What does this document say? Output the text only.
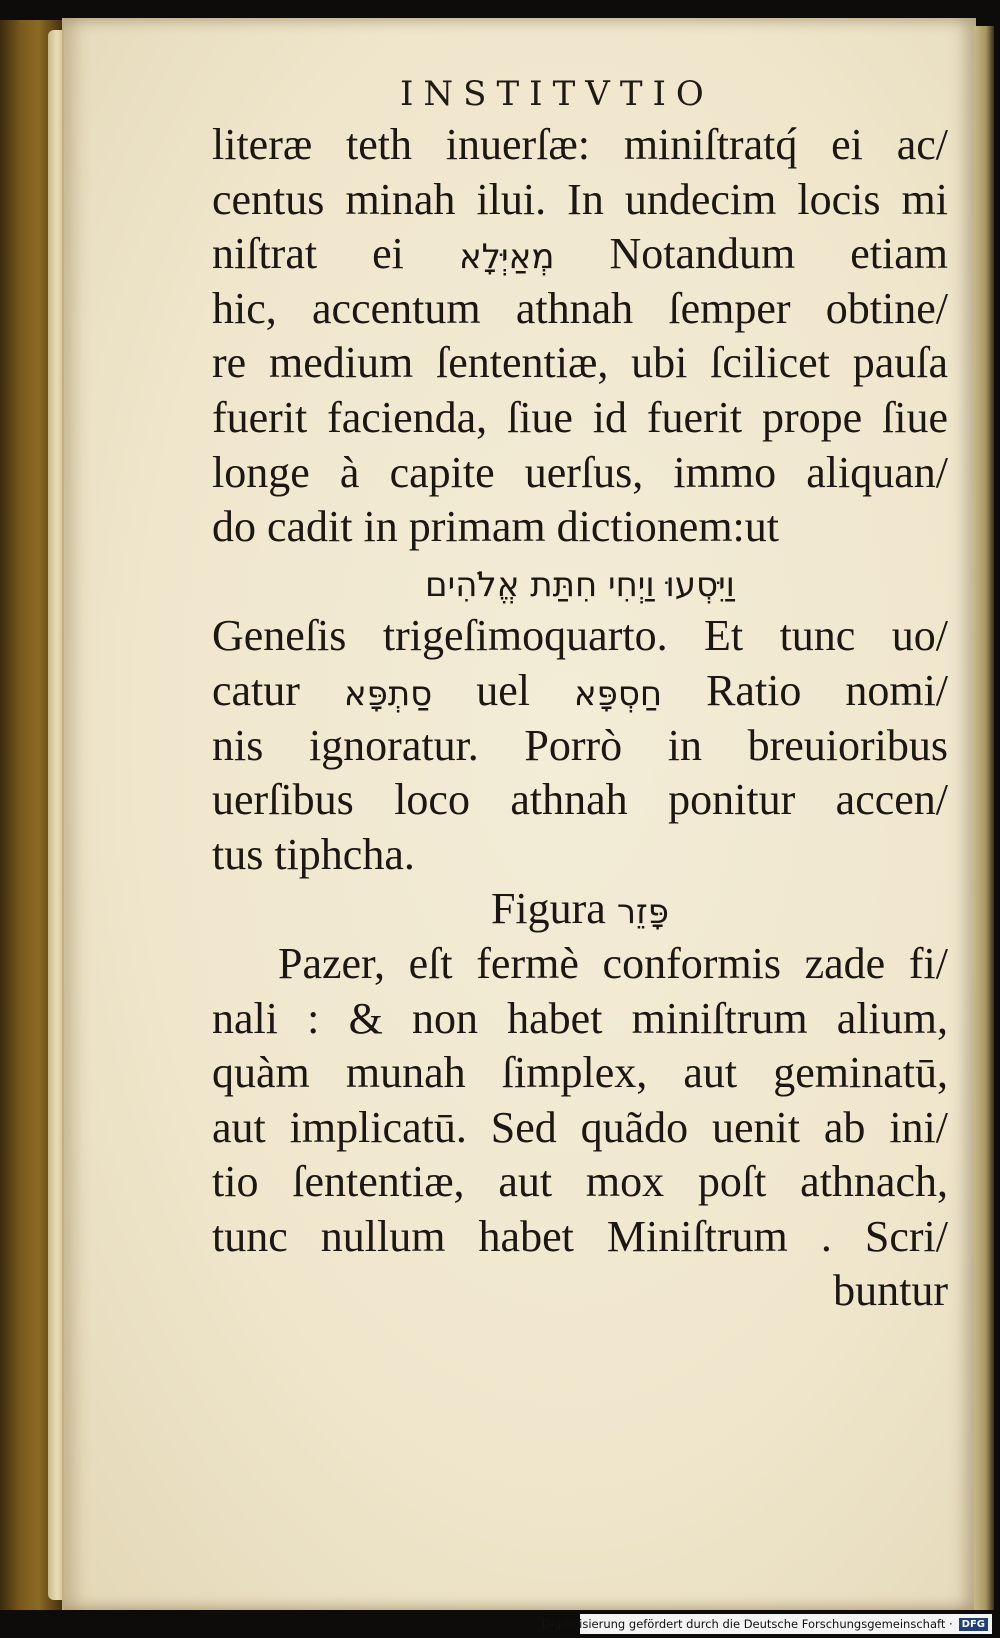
INSTITVTIO
literæ teth inuerſæ: miniſtratq́ ei ac/
centus minah ilui. In undecim locis mi
niſtrat ei מְאַיְּלָא Notandum etiam
hic, accentum athnah ſemper obtine/
re medium ſententiæ, ubi ſcilicet pauſa
fuerit facienda, ſiue id fuerit prope ſiue
longe à capite uerſus, immo aliquan/
do cadit in primam dictionem:ut
וַיִּסְעוּ וַיְחִי חִתַּת אֱלֹהִים
Geneſis trigeſimoquarto. Et tunc uo/
catur סַתְפָּא uel חַסְפָּא Ratio nomi/
nis ignoratur. Porrò in breuioribus
uerſibus loco athnah ponitur accen/
tus tiphcha.
Figura פָּזֵר
Pazer, eſt fermè conformis zade fi/
nali : & non habet miniſtrum alium,
quàm munah ſimplex, aut geminatū,
aut implicatū. Sed quãdo uenit ab ini/
tio ſententiæ, aut mox poſt athnach,
tunc nullum habet Miniſtrum . Scri/
buntur
Digitalisierung gefördert durch die Deutsche Forschungsgemeinschaft · DFG
